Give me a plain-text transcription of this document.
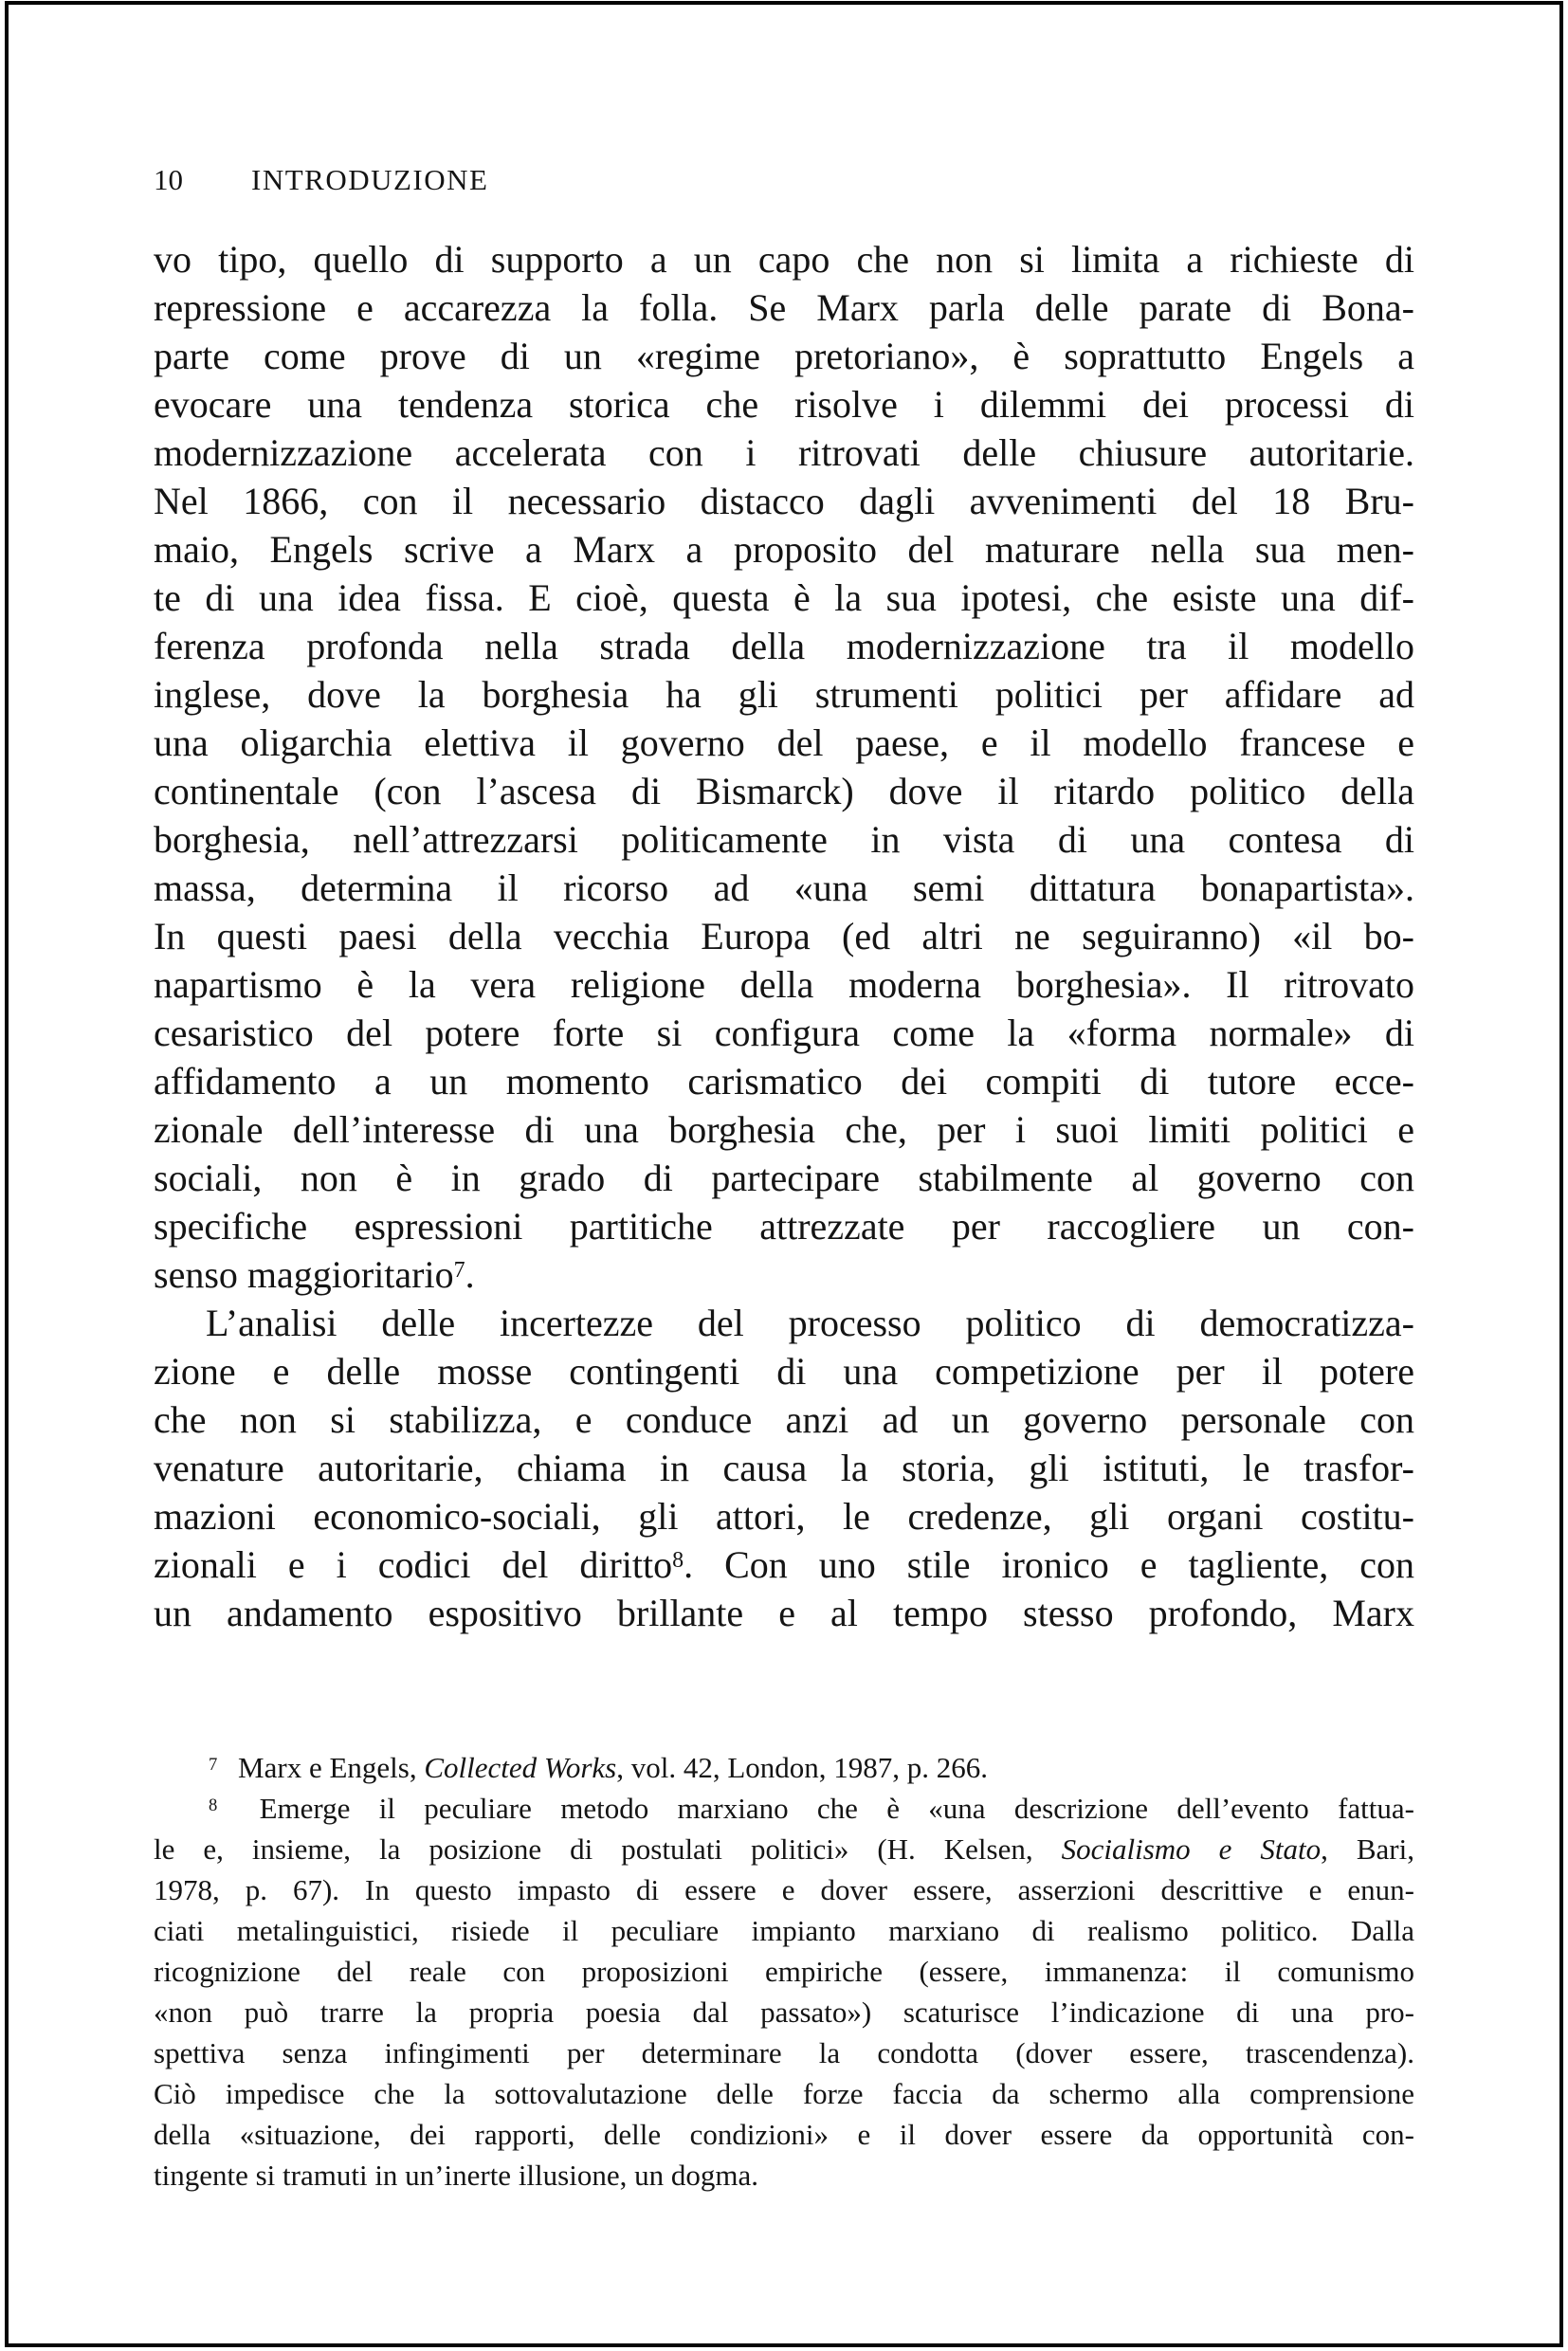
10 INTRODUZIONE
vo tipo, quello di supporto a un capo che non si limita a richieste di
repressione e accarezza la folla. Se Marx parla delle parate di Bona-
parte come prove di un «regime pretoriano», è soprattutto Engels a
evocare una tendenza storica che risolve i dilemmi dei processi di
modernizzazione accelerata con i ritrovati delle chiusure autoritarie.
Nel 1866, con il necessario distacco dagli avvenimenti del 18 Bru-
maio, Engels scrive a Marx a proposito del maturare nella sua men-
te di una idea fissa. E cioè, questa è la sua ipotesi, che esiste una dif-
ferenza profonda nella strada della modernizzazione tra il modello
inglese, dove la borghesia ha gli strumenti politici per affidare ad
una oligarchia elettiva il governo del paese, e il modello francese e
continentale (con l’ascesa di Bismarck) dove il ritardo politico della
borghesia, nell’attrezzarsi politicamente in vista di una contesa di
massa, determina il ricorso ad «una semi dittatura bonapartista».
In questi paesi della vecchia Europa (ed altri ne seguiranno) «il bo-
napartismo è la vera religione della moderna borghesia». Il ritrovato
cesaristico del potere forte si configura come la «forma normale» di
affidamento a un momento carismatico dei compiti di tutore ecce-
zionale dell’interesse di una borghesia che, per i suoi limiti politici e
sociali, non è in grado di partecipare stabilmente al governo con
specifiche espressioni partitiche attrezzate per raccogliere un con-
senso maggioritario$^7$.
L’analisi delle incertezze del processo politico di democratizza-
zione e delle mosse contingenti di una competizione per il potere
che non si stabilizza, e conduce anzi ad un governo personale con
venature autoritarie, chiama in causa la storia, gli istituti, le trasfor-
mazioni economico-sociali, gli attori, le credenze, gli organi costitu-
zionali e i codici del diritto$^8$. Con uno stile ironico e tagliente, con
un andamento espositivo brillante e al tempo stesso profondo, Marx
$^7$ Marx e Engels, Collected Works, vol. 42, London, 1987, p. 266.
$^8$ Emerge il peculiare metodo marxiano che è «una descrizione dell’evento fattua-
le e, insieme, la posizione di postulati politici» (H. Kelsen, Socialismo e Stato, Bari,
1978, p. 67). In questo impasto di essere e dover essere, asserzioni descrittive e enun-
ciati metalinguistici, risiede il peculiare impianto marxiano di realismo politico. Dalla
ricognizione del reale con proposizioni empiriche (essere, immanenza: il comunismo
«non può trarre la propria poesia dal passato») scaturisce l’indicazione di una pro-
spettiva senza infingimenti per determinare la condotta (dover essere, trascendenza).
Ciò impedisce che la sottovalutazione delle forze faccia da schermo alla comprensione
della «situazione, dei rapporti, delle condizioni» e il dover essere da opportunità con-
tingente si tramuti in un’inerte illusione, un dogma.
